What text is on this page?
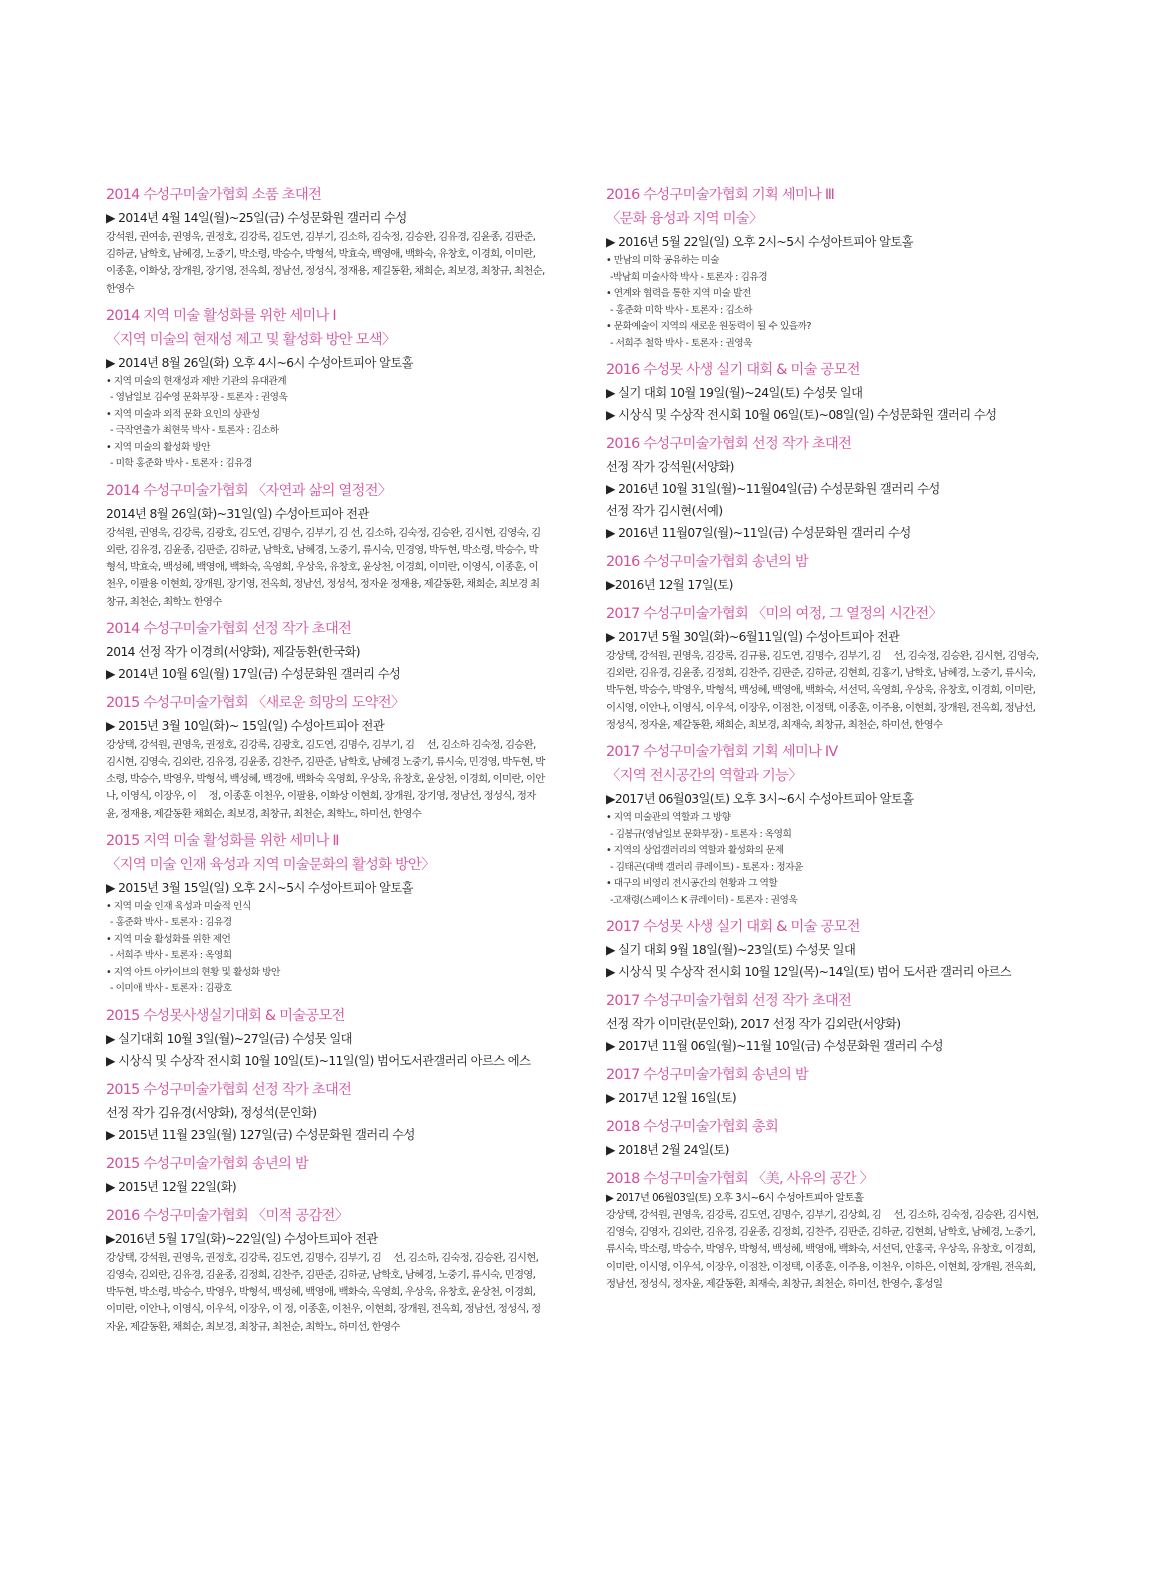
2014 수성구미술가협회 소품 초대전
▶ 2014년 4월 14일(월)~25일(금) 수성문화원 갤러리 수성
강석원, 권여송, 권영욱, 권정호, 김강록, 김도연, 김부기, 김소하, 김숙정, 김승완, 김유경, 김윤종, 김판준, 김하균, 남학호, 남혜경, 노중기, 박소령, 박승수, 박형석, 박효숙, 백영애, 백화숙, 유창호, 이경희, 이미란, 이종훈, 이화상, 장개원, 장기영, 전옥희, 정남선, 정성식, 정재용, 제길동환, 채희순, 최보경, 최창규, 최천순, 한영수
2014 지역 미술 활성화를 위한 세미나 Ⅰ
〈지역 미술의 현재성 제고 및 활성화 방안 모색〉
▶ 2014년 8월 26일(화) 오후 4시~6시 수성아트피아 알토홀
• 지역 미술의 현재성과 제반 기관의 유대관계
- 영남일보 김수영 문화부장 - 토론자 : 권영욱
• 지역 미술과 외적 문화 요인의 상관성
- 극작연출가 최현묵 박사 - 토론자 : 김소하
• 지역 미술의 활성화 방안
- 미학 홍준화 박사 - 토론자 : 김유경
2014 수성구미술가협회 〈자연과 삶의 열정전〉
2014년 8월 26일(화)~31일(일) 수성아트피아 전관
강석원, 권영욱, 김강록, 김광호, 김도연, 김명수, 김부기, 김 선, 김소하, 김숙정, 김승완, 김시현, 김영숙, 김외란, 김유경, 김윤종, 김판준, 김하균, 남학호, 남혜경, 노중기, 류시숙, 민경영, 박두현, 박소령, 박승수, 박형석, 박효숙, 백성혜, 백영애, 백화숙, 옥영희, 우상욱, 유창호, 윤상천, 이경희, 이미란, 이영식, 이종훈, 이천우, 이팔용 이현희, 장개원, 장기영, 전옥희, 정남선, 정성석, 정자윤 정재용, 제갈동환, 채희순, 최보경 최창규, 최천순, 최학노 한영수
2014 수성구미술가협회 선정 작가 초대전
2014 선정 작가 이경희(서양화), 제갈동환(한국화)
▶ 2014년 10월 6일(월) 17일(금) 수성문화원 갤러리 수성
2015 수성구미술가협회 〈새로운 희망의 도약전〉
▶ 2015년 3월 10일(화)~ 15일(일) 수성아트피아 전관
강상택, 강석원, 권영욱, 권정호, 김강록, 김광호, 김도연, 김명수, 김부기, 김　 선, 김소하 김숙정, 김승완, 김시현, 김영숙, 김외란, 김유경, 김윤종, 김찬주, 김판준, 남학호, 남혜경 노중기, 류시숙, 민경영, 박두현, 박소령, 박승수, 박영우, 박형석, 백성혜, 백경애, 백화숙 옥영희, 우상욱, 유창호, 윤상천, 이경희, 이미란, 이안나, 이영식, 이장우, 이　 정, 이종훈 이천우, 이팔용, 이화상 이현희, 장개원, 장기영, 정남선, 정성식, 정자윤, 정재용, 제갈동환 채희순, 최보경, 최창규, 최천순, 최학노, 하미선, 한영수
2015 지역 미술 활성화를 위한 세미나 Ⅱ
〈지역 미술 인재 육성과 지역 미술문화의 활성화 방안〉
▶ 2015년 3월 15일(일) 오후 2시~5시 수성아트피아 알토홀
• 지역 미술 인재 육성과 미술적 인식
- 홍준화 박사 - 토론자 : 김유경
• 지역 미술 활성화를 위한 제언
- 서희주 박사 - 토론자 : 옥영희
• 지역 아트 아카이브의 현황 및 활성화 방안
- 이미애 박사 - 토론자 : 김광호
2015 수성못사생실기대회 & 미술공모전
▶ 실기대회 10월 3일(월)~27일(금) 수성못 일대
▶ 시상식 및 수상작 전시회 10월 10일(토)~11일(일) 범어도서관갤러리 아르스 에스
2015 수성구미술가협회 선정 작가 초대전
선정 작가 김유경(서양화), 정성석(문인화)
▶ 2015년 11월 23일(월) 127일(금) 수성문화원 갤러리 수성
2015 수성구미술가협회 송년의 밤
▶ 2015년 12월 22일(화)
2016 수성구미술가협회 〈미적 공감전〉
▶2016년 5월 17일(화)~22일(일) 수성아트피아 전관
강상택, 강석원, 권영욱, 권정호, 김강록, 김도연, 김명수, 김부기, 김　 선, 김소하, 김숙정, 김승완, 김시현, 김영숙, 김외란, 김유경, 김윤종, 김정희, 김찬주, 김판준, 김하균, 남학호, 남혜경, 노중기, 류시숙, 민경영, 박두현, 박소령, 박승수, 박영우, 박형석, 백성혜, 백영애, 백화숙, 옥영희, 우상욱, 유창호, 윤상천, 이경희, 이미란, 이안나, 이영식, 이우석, 이장우, 이 정, 이종훈, 이천우, 이현희, 장개원, 전옥희, 정남선, 정성식, 정자윤, 제갈동환, 채희순, 최보경, 최창규, 최천순, 최학노, 하미선, 한영수
2016 수성구미술가협회 기획 세미나 Ⅲ
〈문화 융성과 지역 미술〉
▶ 2016년 5월 22일(일) 오후 2시~5시 수성아트피아 알토홀
• 만남의 미학 공유하는 미술
-박남희 미술사학 박사 - 토론자 : 김유경
• 연계와 협력을 통한 지역 미술 발전
- 홍준화 미학 박사 - 토론자 : 김소하
• 문화예술이 지역의 새로운 원동력이 될 수 있을까?
- 서희주 철학 박사 - 토론자 : 권영욱
2016 수성못 사생 실기 대회 & 미술 공모전
▶ 실기 대회 10월 19일(월)~24일(토) 수성못 일대
▶ 시상식 및 수상작 전시회 10월 06일(토)~08일(일) 수성문화원 갤러리 수성
2016 수성구미술가협회 선정 작가 초대전
선정 작가 강석원(서양화)
▶ 2016년 10월 31일(월)~11월04일(금) 수성문화원 갤러리 수성
선정 작가 김시현(서예)
▶ 2016년 11월07일(월)~11일(금) 수성문화원 갤러리 수성
2016 수성구미술가협회 송년의 밤
▶2016년 12월 17일(토)
2017 수성구미술가협회 〈미의 여정, 그 열정의 시간전〉
▶ 2017년 5월 30일(화)~6월11일(일) 수성아트피아 전관
강상택, 강석원, 권영욱, 김강록, 김규룡, 김도연, 김명수, 김부기, 김　 선, 김숙정, 김승완, 김시현, 김영숙, 김외란, 김유경, 김윤종, 김정희, 김찬주, 김판준, 김하균, 김현희, 김홍기, 남학호, 남혜경, 노중기, 류시숙, 박두현, 박승수, 박영우, 박형석, 백성혜, 백영애, 백화숙, 서선덕, 옥영희, 우상욱, 유창호, 이경희, 이미란, 이시영, 이안나, 이영식, 이우석, 이장우, 이점찬, 이정택, 이종훈, 이주용, 이현희, 장개원, 전옥희, 정남선, 정성식, 정자윤, 제갈동환, 채희순, 최보경, 최재숙, 최창규, 최천순, 하미선, 한영수
2017 수성구미술가협회 기획 세미나 Ⅳ
〈지역 전시공간의 역할과 기능〉
▶2017년 06월03일(토) 오후 3시~6시 수성아트피아 알토홀
• 지역 미술관의 역할과 그 방향
- 김봉규(영남일보 문화부장) - 토론자 : 옥영희
• 지역의 상업갤러리의 역할과 활성화의 문제
- 김태곤(대백 갤러리 큐레이트) - 토론자 : 정자윤
• 대구의 비영리 전시공간의 현황과 그 역할
-고재령(스페이스 K 큐레이터) - 토론자 : 권영욱
2017 수성못 사생 실기 대회 & 미술 공모전
▶ 실기 대회 9월 18일(월)~23일(토) 수성못 일대
▶ 시상식 및 수상작 전시회 10월 12일(목)~14일(토) 범어 도서관 갤러리 아르스
2017 수성구미술가협회 선정 작가 초대전
선정 작가 이미란(문인화), 2017 선정 작가 김외란(서양화)
▶ 2017년 11월 06일(월)~11월 10일(금) 수성문화원 갤러리 수성
2017 수성구미술가협회 송년의 밤
▶ 2017년 12월 16일(토)
2018 수성구미술가협회 총회
▶ 2018년 2월 24일(토)
2018 수성구미술가협회 〈美, 사유의 공간 〉
▶ 2017년 06월03일(토) 오후 3시~6시 수성아트피아 알토홀
강상택, 강석원, 권영욱, 김강록, 김도연, 김명수, 김부기, 김상희, 김　 선, 김소하, 김숙정, 김승완, 김시현, 김영숙, 김영자, 김외란, 김유경, 김윤종, 김정희, 김찬주, 김판준, 김하균, 김현희, 남학호, 남혜경, 노중기, 류시숙, 박소령, 박승수, 박영우, 박형석, 백성혜, 백영애, 백화숙, 서선덕, 안홍국, 우상욱, 유창호, 이경희, 이미란, 이시영, 이우석, 이장우, 이점찬, 이정택, 이종훈, 이주용, 이천우, 이하은, 이현희, 장개원, 전옥희, 정남선, 정성식, 정자윤, 제갈동환, 최재숙, 최창규, 최천순, 하미선, 한영수, 홍성일
